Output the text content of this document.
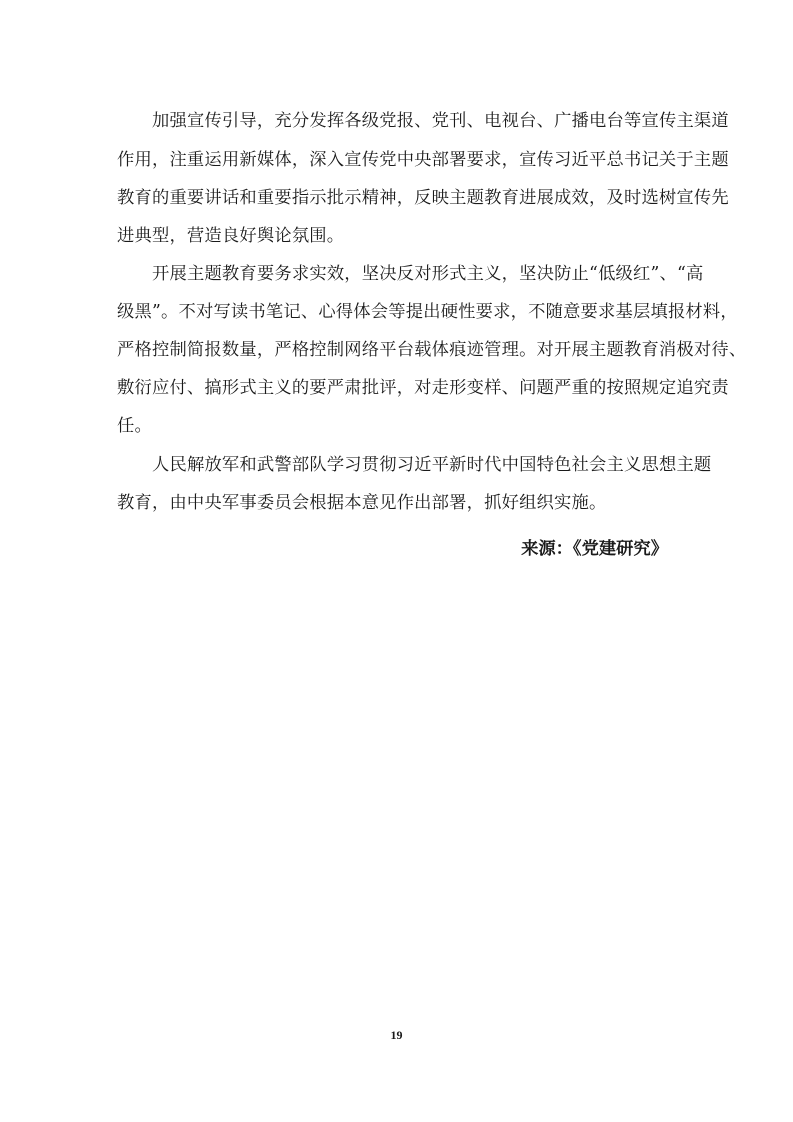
加强宣传引导，充分发挥各级党报、党刊、电视台、广播电台等宣传主渠道
作用，注重运用新媒体，深入宣传党中央部署要求，宣传习近平总书记关于主题
教育的重要讲话和重要指示批示精神，反映主题教育进展成效，及时选树宣传先
进典型，营造良好舆论氛围。
开展主题教育要务求实效，坚决反对形式主义，坚决防止“低级红”、“高
级黑”。不对写读书笔记、心得体会等提出硬性要求，不随意要求基层填报材料，
严格控制简报数量，严格控制网络平台载体痕迹管理。对开展主题教育消极对待、
敷衍应付、搞形式主义的要严肃批评，对走形变样、问题严重的按照规定追究责
任。
人民解放军和武警部队学习贯彻习近平新时代中国特色社会主义思想主题
教育，由中央军事委员会根据本意见作出部署，抓好组织实施。
来源：《党建研究》
19
